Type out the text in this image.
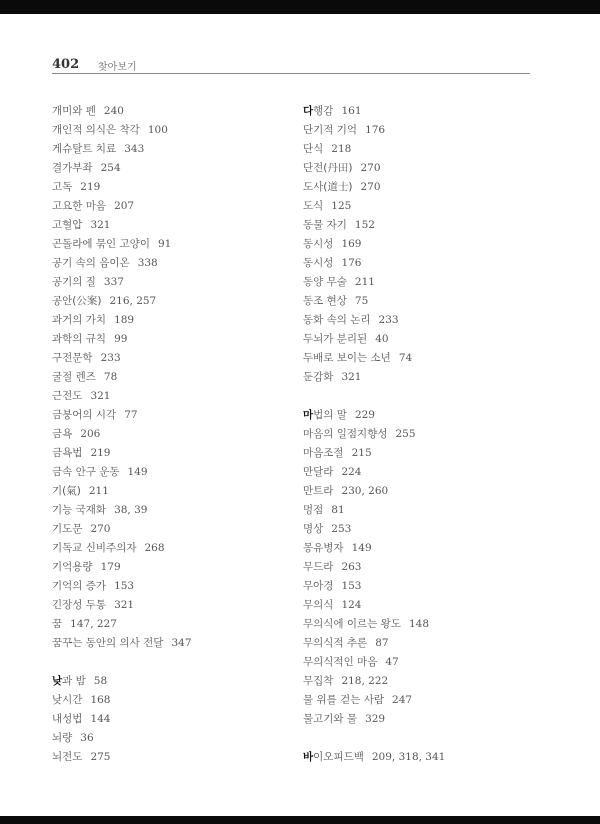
402 찾아보기
개미와 펜 240
개인적 의식은 착각 100
게슈탈트 치료 343
결가부좌 254
고독 219
고요한 마음 207
고혈압 321
곤돌라에 묶인 고양이 91
공기 속의 음이온 338
공기의 질 337
공안(公案) 216, 257
과거의 가치 189
과학의 규칙 99
구전문학 233
굴절 렌즈 78
근전도 321
금붕어의 시각 77
금욕 206
금욕법 219
금속 안구 운동 149
기(氣) 211
기능 국재화 38, 39
기도문 270
기독교 신비주의자 268
기억용량 179
기억의 증가 153
긴장성 두통 321
꿈 147, 227
꿈꾸는 동안의 의사 전달 347
낮과 밤 58
낮시간 168
내성법 144
뇌량 36
뇌전도 275
다행감 161
단기적 기억 176
단식 218
단전(丹田) 270
도사(道士) 270
도식 125
동물 자기 152
동시성 169
동시성 176
동양 무술 211
동조 현상 75
동화 속의 논리 233
두뇌가 분리된 40
두배로 보이는 소년 74
둔감화 321
마법의 말 229
마음의 일점지향성 255
마음조절 215
만달라 224
만트라 230, 260
멍점 81
명상 253
몽유병자 149
무드라 263
무아경 153
무의식 124
무의식에 이르는 왕도 148
무의식적 추론 87
무의식적인 마음 47
무집착 218, 222
물 위를 걷는 사람 247
물고기와 물 329
바이오피드백 209, 318, 341
